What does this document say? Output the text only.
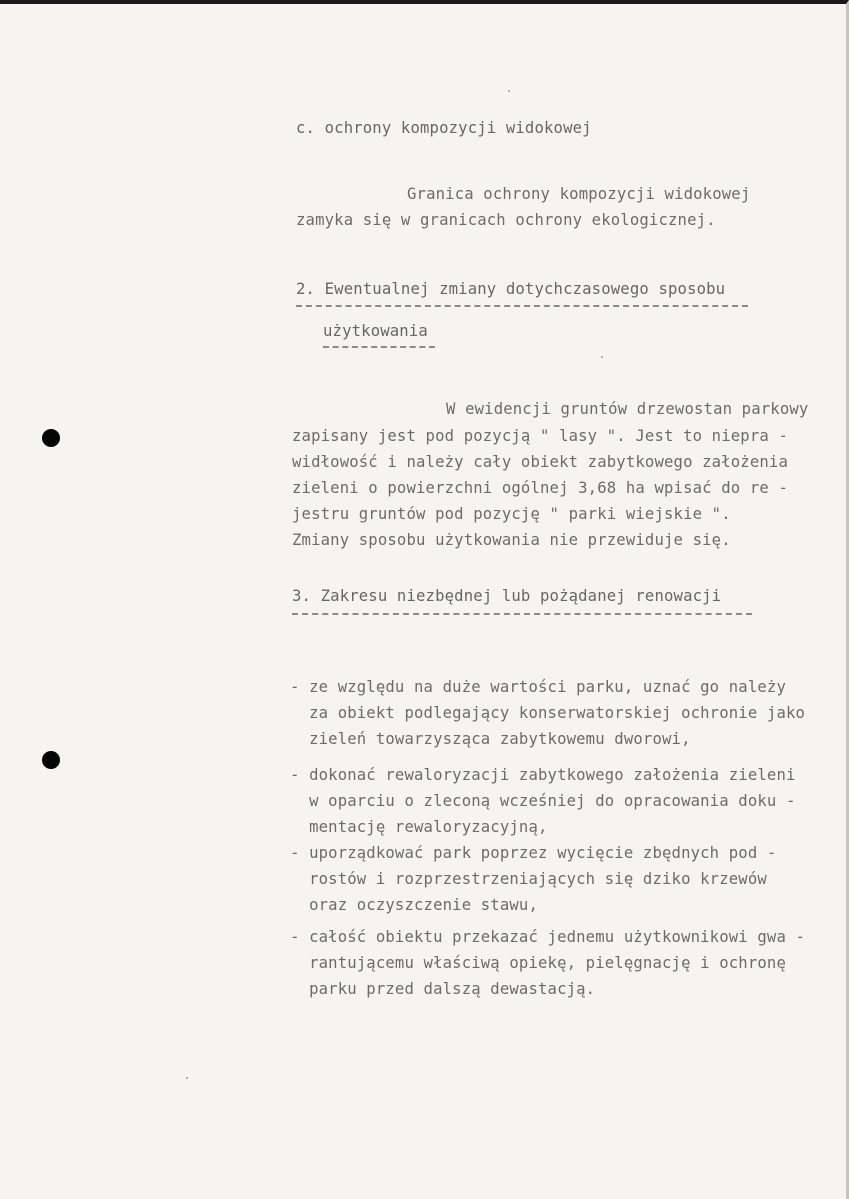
c. ochrony kompozycji widokowej
Granica ochrony kompozycji widokowej
zamyka się w granicach ochrony ekologicznej.
2. Ewentualnej zmiany dotychczasowego sposobu
użytkowania
W ewidencji gruntów drzewostan parkowy
zapisany jest pod pozycją " lasy ". Jest to niepra -
widłowość i należy cały obiekt zabytkowego założenia
zieleni o powierzchni ogólnej 3,68 ha wpisać do re -
jestru gruntów pod pozycję " parki wiejskie ".
Zmiany sposobu użytkowania nie przewiduje się.
3. Zakresu niezbędnej lub pożądanej renowacji
- ze względu na duże wartości parku, uznać go należy
za obiekt podlegający konserwatorskiej ochronie jako
zieleń towarzysząca zabytkowemu dworowi,
- dokonać rewaloryzacji zabytkowego założenia zieleni
w oparciu o zleconą wcześniej do opracowania doku -
mentację rewaloryzacyjną,
- uporządkować park poprzez wycięcie zbędnych pod -
rostów i rozprzestrzeniających się dziko krzewów
oraz oczyszczenie stawu,
- całość obiektu przekazać jednemu użytkownikowi gwa -
rantującemu właściwą opiekę, pielęgnację i ochronę
parku przed dalszą dewastacją.
